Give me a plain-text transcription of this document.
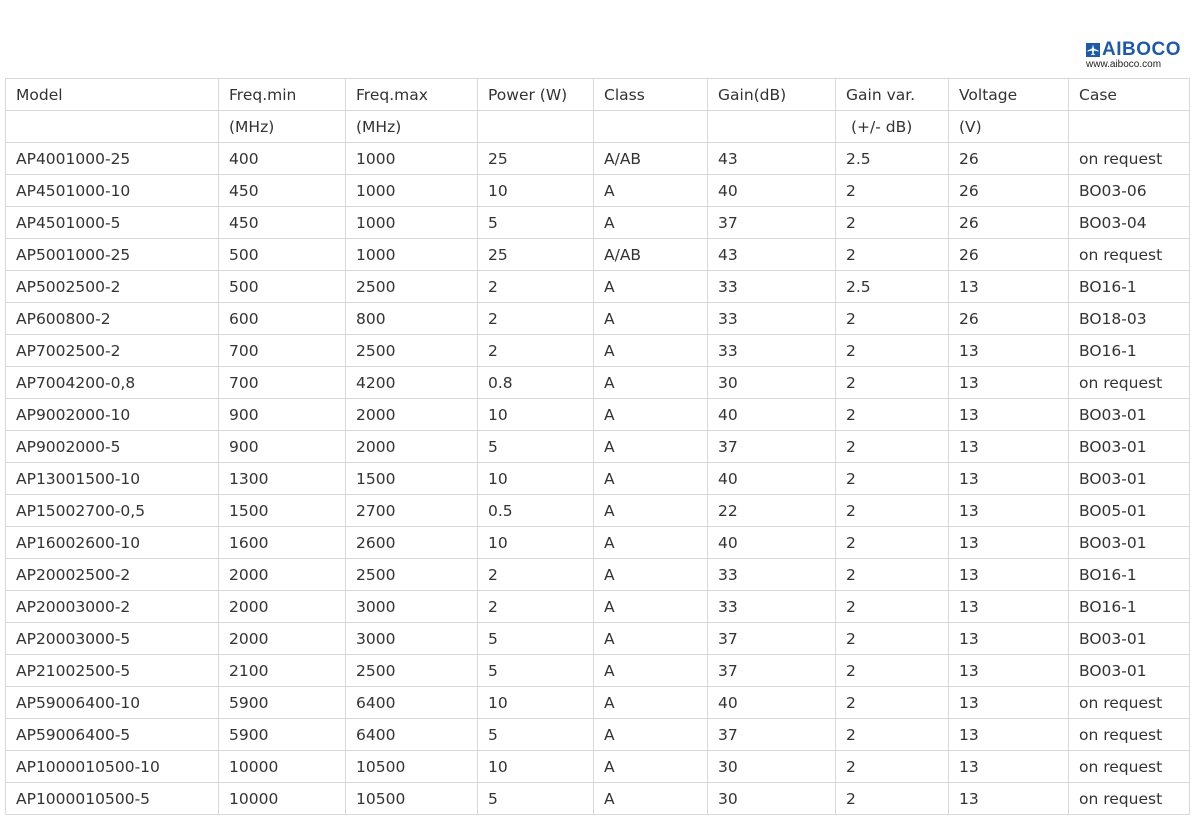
AIBOCO
www.aiboco.com
Model	Freq.min	Freq.max	Power (W)	Class	Gain(dB)	Gain var.	Voltage	Case
	(MHz)	(MHz)				(+/- dB)	(V)	
AP4001000-25	400	1000	25	A/AB	43	2.5	26	on request
AP4501000-10	450	1000	10	A	40	2	26	BO03-06
AP4501000-5	450	1000	5	A	37	2	26	BO03-04
AP5001000-25	500	1000	25	A/AB	43	2	26	on request
AP5002500-2	500	2500	2	A	33	2.5	13	BO16-1
AP600800-2	600	800	2	A	33	2	26	BO18-03
AP7002500-2	700	2500	2	A	33	2	13	BO16-1
AP7004200-0,8	700	4200	0.8	A	30	2	13	on request
AP9002000-10	900	2000	10	A	40	2	13	BO03-01
AP9002000-5	900	2000	5	A	37	2	13	BO03-01
AP13001500-10	1300	1500	10	A	40	2	13	BO03-01
AP15002700-0,5	1500	2700	0.5	A	22	2	13	BO05-01
AP16002600-10	1600	2600	10	A	40	2	13	BO03-01
AP20002500-2	2000	2500	2	A	33	2	13	BO16-1
AP20003000-2	2000	3000	2	A	33	2	13	BO16-1
AP20003000-5	2000	3000	5	A	37	2	13	BO03-01
AP21002500-5	2100	2500	5	A	37	2	13	BO03-01
AP59006400-10	5900	6400	10	A	40	2	13	on request
AP59006400-5	5900	6400	5	A	37	2	13	on request
AP1000010500-10	10000	10500	10	A	30	2	13	on request
AP1000010500-5	10000	10500	5	A	30	2	13	on request
